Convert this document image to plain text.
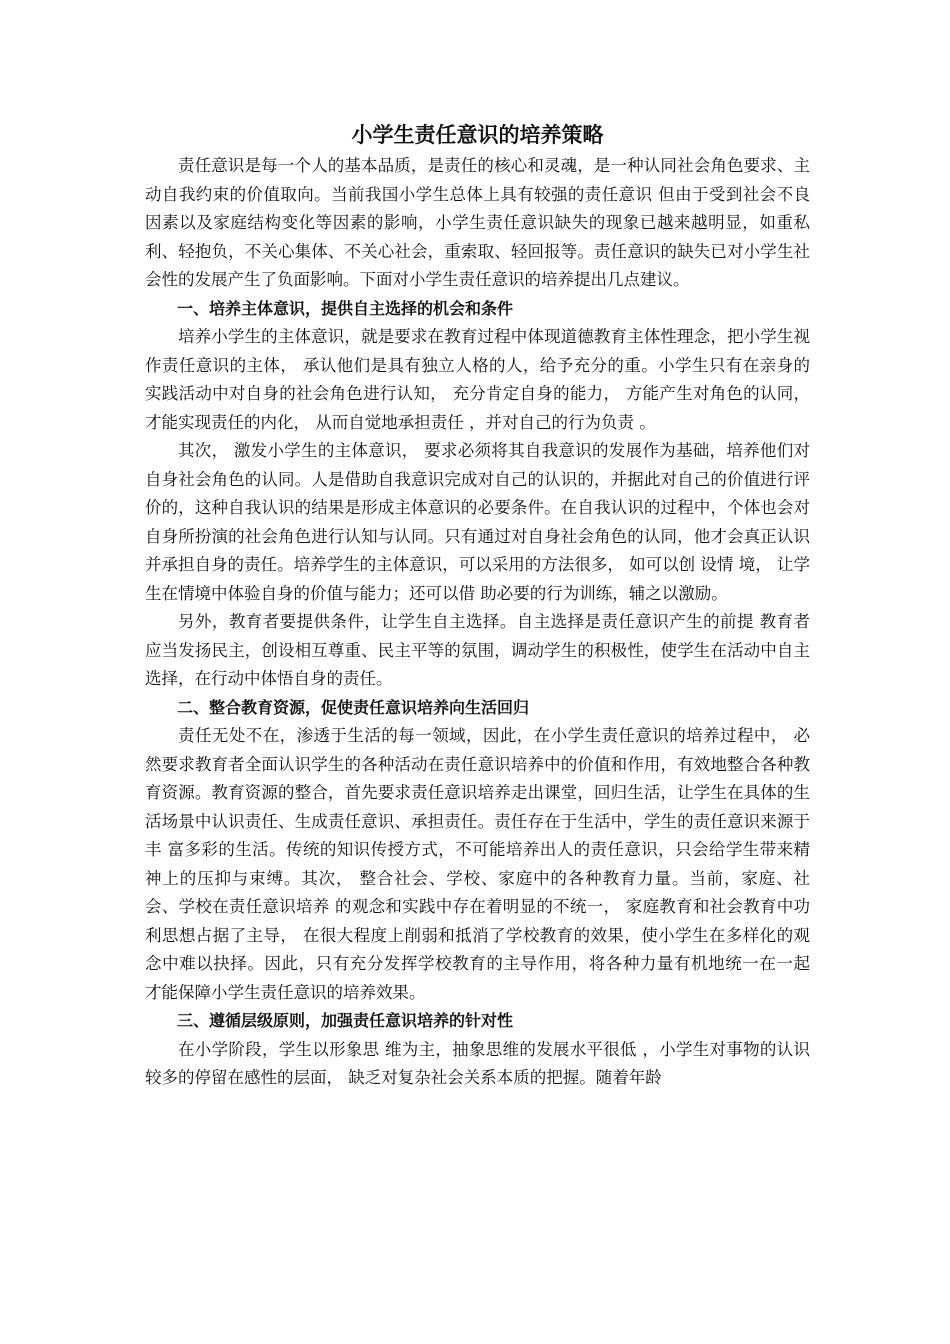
小学生责任意识的培养策略

责任意识是每一个人的基本品质，是责任的核心和灵魂，是一种认同社会角色要求、主动自我约束的价值取向。当前我国小学生总体上具有较强的责任意识 但由于受到社会不良因素以及家庭结构变化等因素的影响，小学生责任意识缺失的现象已越来越明显，如重私利、轻抱负，不关心集体、不关心社会，重索取、轻回报等。责任意识的缺失已对小学生社会性的发展产生了负面影响。下面对小学生责任意识的培养提出几点建议。

一、培养主体意识，提供自主选择的机会和条件

培养小学生的主体意识，就是要求在教育过程中体现道德教育主体性理念，把小学生视作责任意识的主体， 承认他们是具有独立人格的人，给予充分的重。小学生只有在亲身的实践活动中对自身的社会角色进行认知， 充分肯定自身的能力， 方能产生对角色的认同， 才能实现责任的内化， 从而自觉地承担责任 ，并对自己的行为负责 。

其次， 激发小学生的主体意识， 要求必须将其自我意识的发展作为基础，培养他们对自身社会角色的认同。人是借助自我意识完成对自己的认识的，并据此对自己的价值进行评价的，这种自我认识的结果是形成主体意识的必要条件。在自我认识的过程中，个体也会对自身所扮演的社会角色进行认知与认同。只有通过对自身社会角色的认同，他才会真正认识并承担自身的责任。培养学生的主体意识，可以采用的方法很多， 如可以创 设情 境， 让学生在情境中体验自身的价值与能力；还可以借 助必要的行为训练，辅之以激励。

另外，教育者要提供条件，让学生自主选择。自主选择是责任意识产生的前提 教育者应当发扬民主，创设相互尊重、民主平等的氛围，调动学生的积极性，使学生在活动中自主选择，在行动中体悟自身的责任。

二、整合教育资源，促使责任意识培养向生活回归

责任无处不在，渗透于生活的每一领域，因此，在小学生责任意识的培养过程中， 必然要求教育者全面认识学生的各种活动在责任意识培养中的价值和作用，有效地整合各种教育资源。教育资源的整合，首先要求责任意识培养走出课堂，回归生活，让学生在具体的生活场景中认识责任、生成责任意识、承担责任。责任存在于生活中，学生的责任意识来源于丰 富多彩的生活。传统的知识传授方式，不可能培养出人的责任意识，只会给学生带来精神上的压抑与束缚。其次， 整合社会、学校、家庭中的各种教育力量。当前，家庭、社会、学校在责任意识培养 的观念和实践中存在着明显的不统一， 家庭教育和社会教育中功利思想占据了主导， 在很大程度上削弱和抵消了学校教育的效果，使小学生在多样化的观念中难以抉择。因此，只有充分发挥学校教育的主导作用，将各种力量有机地统一在一起 才能保障小学生责任意识的培养效果。

三、遵循层级原则，加强责任意识培养的针对性

在小学阶段，学生以形象思 维为主，抽象思维的发展水平很低 ，小学生对事物的认识较多的停留在感性的层面， 缺乏对复杂社会关系本质的把握。随着年龄
